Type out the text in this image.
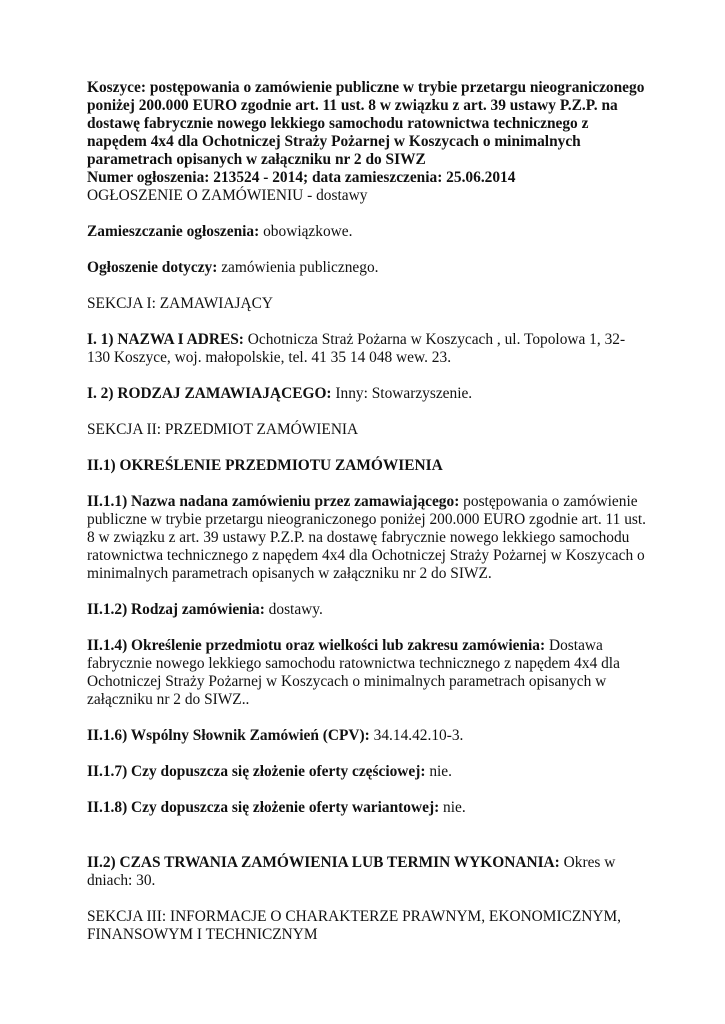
Koszyce: postępowania o zamówienie publiczne w trybie przetargu nieograniczonego poniżej 200.000 EURO zgodnie art. 11 ust. 8 w związku z art. 39 ustawy P.Z.P. na dostawę fabrycznie nowego lekkiego samochodu ratownictwa technicznego z napędem 4x4 dla Ochotniczej Straży Pożarnej w Koszycach o minimalnych parametrach opisanych w załączniku nr 2 do SIWZ

Numer ogłoszenia: 213524 - 2014; data zamieszczenia: 25.06.2014

OGŁOSZENIE O ZAMÓWIENIU - dostawy

Zamieszczanie ogłoszenia: obowiązkowe.

Ogłoszenie dotyczy: zamówienia publicznego.

SEKCJA I: ZAMAWIAJĄCY

I. 1) NAZWA I ADRES: Ochotnicza Straż Pożarna w Koszycach , ul. Topolowa 1, 32-130 Koszyce, woj. małopolskie, tel. 41 35 14 048 wew. 23.

I. 2) RODZAJ ZAMAWIAJĄCEGO: Inny: Stowarzyszenie.

SEKCJA II: PRZEDMIOT ZAMÓWIENIA

II.1) OKREŚLENIE PRZEDMIOTU ZAMÓWIENIA

II.1.1) Nazwa nadana zamówieniu przez zamawiającego: postępowania o zamówienie publiczne w trybie przetargu nieograniczonego poniżej 200.000 EURO zgodnie art. 11 ust. 8 w związku z art. 39 ustawy P.Z.P. na dostawę fabrycznie nowego lekkiego samochodu ratownictwa technicznego z napędem 4x4 dla Ochotniczej Straży Pożarnej w Koszycach o minimalnych parametrach opisanych w załączniku nr 2 do SIWZ.

II.1.2) Rodzaj zamówienia: dostawy.

II.1.4) Określenie przedmiotu oraz wielkości lub zakresu zamówienia: Dostawa fabrycznie nowego lekkiego samochodu ratownictwa technicznego z napędem 4x4 dla Ochotniczej Straży Pożarnej w Koszycach o minimalnych parametrach opisanych w załączniku nr 2 do SIWZ..

II.1.6) Wspólny Słownik Zamówień (CPV): 34.14.42.10-3.

II.1.7) Czy dopuszcza się złożenie oferty częściowej: nie.

II.1.8) Czy dopuszcza się złożenie oferty wariantowej: nie.

II.2) CZAS TRWANIA ZAMÓWIENIA LUB TERMIN WYKONANIA: Okres w dniach: 30.

SEKCJA III: INFORMACJE O CHARAKTERZE PRAWNYM, EKONOMICZNYM, FINANSOWYM I TECHNICZNYM
